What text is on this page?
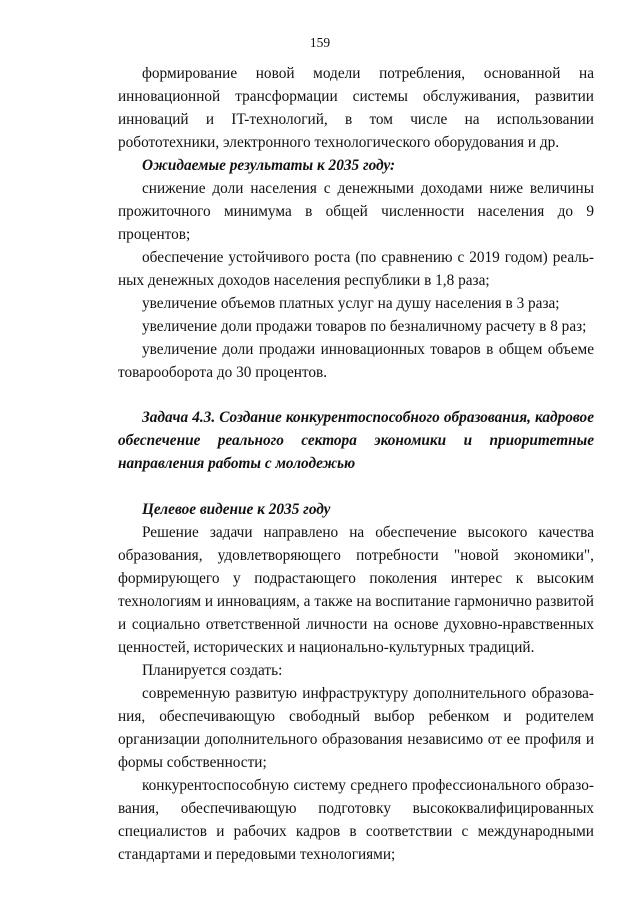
159

формирование новой модели потребления, основанной на инновационной трансформации системы обслуживания, развитии инноваций и IT-технологий, в том числе на использовании робототехники, электронного технологического оборудования и др.

Ожидаемые результаты к 2035 году:

снижение доли населения с денежными доходами ниже величины прожиточного минимума в общей численности населения до 9 процентов;

обеспечение устойчивого роста (по сравнению с 2019 годом) реальных денежных доходов населения республики в 1,8 раза;

увеличение объемов платных услуг на душу населения в 3 раза;

увеличение доли продажи товаров по безналичному расчету в 8 раз;

увеличение доли продажи инновационных товаров в общем объеме товарооборота до 30 процентов.

Задача 4.3. Создание конкурентоспособного образования, кадровое обеспечение реального сектора экономики и приоритетные направления работы с молодежью

Целевое видение к 2035 году

Решение задачи направлено на обеспечение высокого качества образования, удовлетворяющего потребности "новой экономики", формирующего у подрастающего поколения интерес к высоким технологиям и инновациям, а также на воспитание гармонично развитой и социально ответственной личности на основе духовно-нравственных ценностей, исторических и национально-культурных традиций.

Планируется создать:

современную развитую инфраструктуру дополнительного образования, обеспечивающую свободный выбор ребенком и родителем организации дополнительного образования независимо от ее профиля и формы собственности;

конкурентоспособную систему среднего профессионального образования, обеспечивающую подготовку высококвалифицированных специалистов и рабочих кадров в соответствии с международными стандартами и передовыми технологиями;
